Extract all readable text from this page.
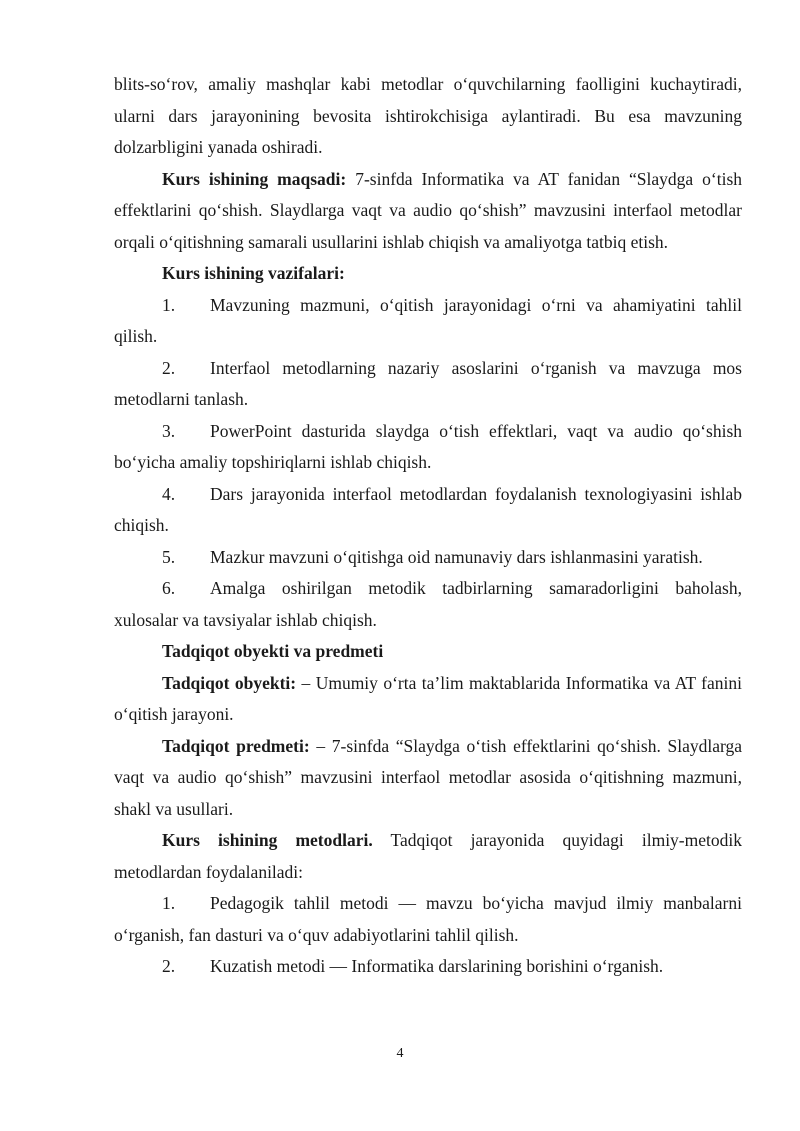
blits-so‘rov, amaliy mashqlar kabi metodlar o‘quvchilarning faolligini kuchaytiradi, ularni dars jarayonining bevosita ishtirokchisiga aylantiradi. Bu esa mavzuning dolzarbligini yanada oshiradi.

Kurs ishining maqsadi: 7-sinfda Informatika va AT fanidan “Slaydga o‘tish effektlarini qo‘shish. Slaydlarga vaqt va audio qo‘shish” mavzusini interfaol metodlar orqali o‘qitishning samarali usullarini ishlab chiqish va amaliyotga tatbiq etish.

Kurs ishining vazifalari:

1. Mavzuning mazmuni, o‘qitish jarayonidagi o‘rni va ahamiyatini tahlil qilish.

2. Interfaol metodlarning nazariy asoslarini o‘rganish va mavzuga mos metodlarni tanlash.

3. PowerPoint dasturida slaydga o‘tish effektlari, vaqt va audio qo‘shish bo‘yicha amaliy topshiriqlarni ishlab chiqish.

4. Dars jarayonida interfaol metodlardan foydalanish texnologiyasini ishlab chiqish.

5. Mazkur mavzuni o‘qitishga oid namunaviy dars ishlanmasini yaratish.

6. Amalga oshirilgan metodik tadbirlarning samaradorligini baholash, xulosalar va tavsiyalar ishlab chiqish.

Tadqiqot obyekti va predmeti

Tadqiqot obyekti: – Umumiy o‘rta ta’lim maktablarida Informatika va AT fanini o‘qitish jarayoni.

Tadqiqot predmeti: – 7-sinfda “Slaydga o‘tish effektlarini qo‘shish. Slaydlarga vaqt va audio qo‘shish” mavzusini interfaol metodlar asosida o‘qitishning mazmuni, shakl va usullari.

Kurs ishining metodlari. Tadqiqot jarayonida quyidagi ilmiy-metodik metodlardan foydalaniladi:

1. Pedagogik tahlil metodi — mavzu bo‘yicha mavjud ilmiy manbalarni o‘rganish, fan dasturi va o‘quv adabiyotlarini tahlil qilish.

2. Kuzatish metodi — Informatika darslarining borishini o‘rganish.

4
